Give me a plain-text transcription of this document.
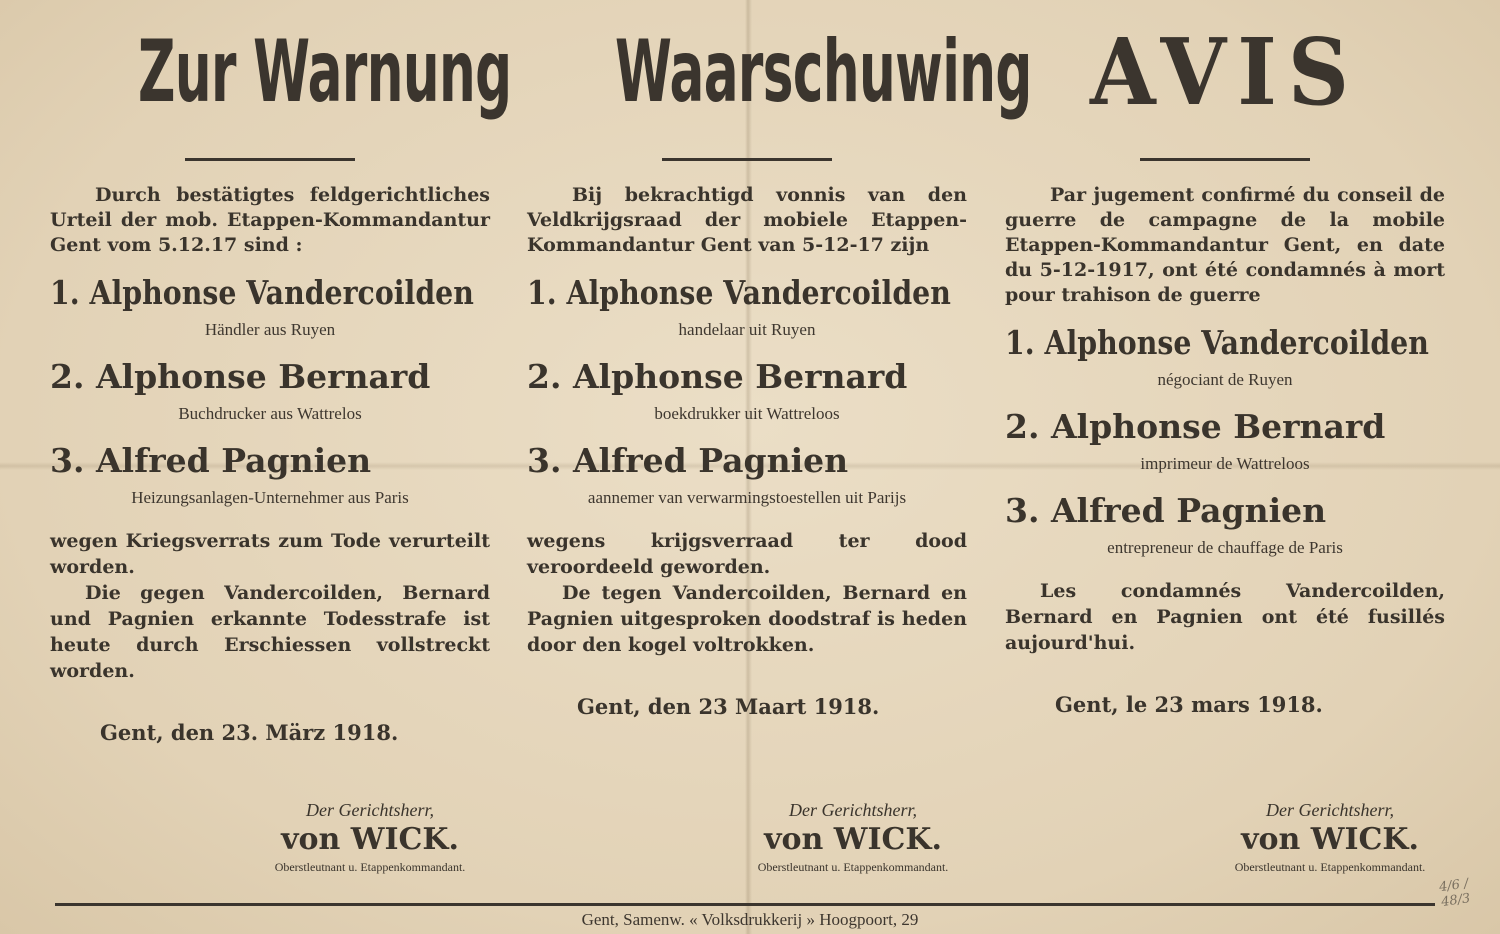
Zur Warnung
Durch bestätigtes feldgerichtliches Urteil der mob. Etappen-Kommandantur Gent vom 5.12.17 sind :
1. Alphonse Vandercoilden
Händler aus Ruyen
2. Alphonse Bernard
Buchdrucker aus Wattrelos
3. Alfred Pagnien
Heizungsanlagen-Unternehmer aus Paris

wegen Kriegsverrats zum Tode verurteilt worden.

Die gegen Vandercoilden, Bernard und Pagnien erkannte Todesstrafe ist heute durch Erschiessen vollstreckt worden.

Gent, den 23. März 1918.
Waarschuwing
Bij bekrachtigd vonnis van den Veldkrijgsraad der mobiele Etappen-Kommandantur Gent van 5-12-17 zijn
1. Alphonse Vandercoilden
handelaar uit Ruyen
2. Alphonse Bernard
boekdrukker uit Wattreloos
3. Alfred Pagnien
aannemer van verwarmingstoestellen uit Parijs

wegens krijgsverraad ter dood veroordeeld geworden.

De tegen Vandercoilden, Bernard en Pagnien uitgesproken doodstraf is heden door den kogel voltrokken.

Gent, den 23 Maart 1918.
AVIS
Par jugement confirmé du conseil de guerre de campagne de la mobile Etappen-Kommandantur Gent, en date du 5-12-1917, ont été condamnés à mort pour trahison de guerre
1. Alphonse Vandercoilden
négociant de Ruyen
2. Alphonse Bernard
imprimeur de Wattreloos
3. Alfred Pagnien
entrepreneur de chauffage de Paris

Les condamnés Vandercoilden, Bernard en Pagnien ont été fusillés aujourd'hui.

Gent, le 23 mars 1918.
Der Gerichtsherr,
von WICK.
Oberstleutnant u. Etappenkommandant.
Der Gerichtsherr,
von WICK.
Oberstleutnant u. Etappenkommandant.
Der Gerichtsherr,
von WICK.
Oberstleutnant u. Etappenkommandant.
4/6 / 48/3
Gent, Samenw. « Volksdrukkerij » Hoogpoort, 29
